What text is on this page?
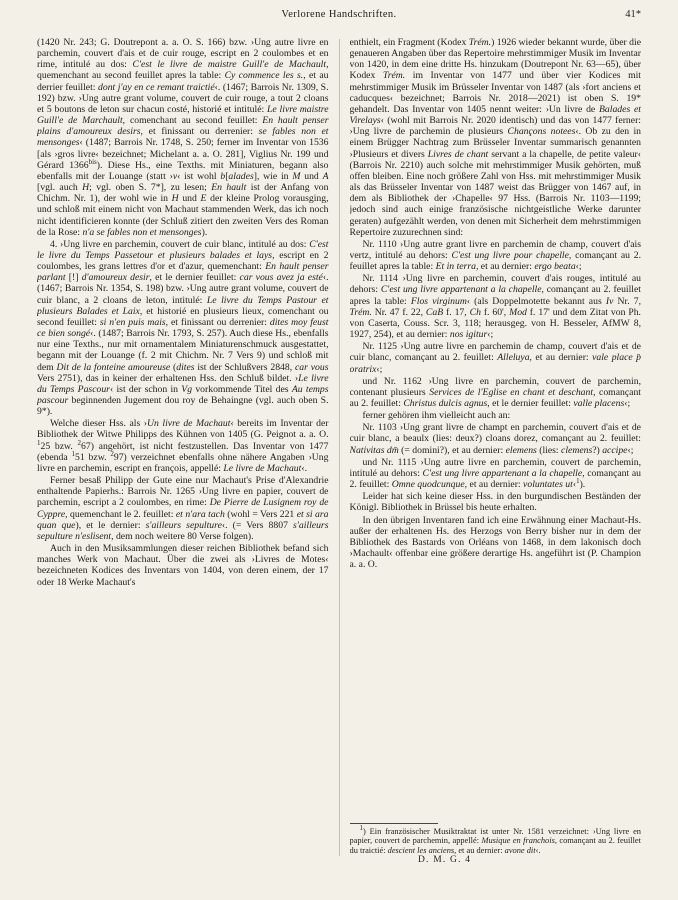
Verlorene Handschriften.	41*

(1420 Nr. 243; G. Doutrepont a. a. O. S. 166) bzw. ›Ung autre livre en parchemin, couvert d'ais et de cuir rouge, escript en 2 coulombes et en rime, intitulé au dos: C'est le livre de maistre Guill'e de Machault, quemenchant au second feuillet apres la table: Cy commence les s., et au derrier feuillet: dont j'ay en ce remant traictié‹. (1467; Barrois Nr. 1309, S. 192) bzw. ›Ung autre grant volume, couvert de cuir rouge, a tout 2 cloans et 5 boutons de leton sur chacun costé, historié et intitulé: Le livre maistre Guill'e de Marchault, comenchant au second feuillet: En hault penser plains d'amoureux desirs, et finissant ou derrenier: se fables non et mensonges‹ (1487; Barrois Nr. 1748, S. 250; ferner im Inventar von 1536 [als ›gros livre‹ bezeichnet; Michelant a. a. O. 281], Viglius Nr. 199 und Gérard $1366^{bis}$). Diese Hs., eine Texths. mit Miniaturen, begann also ebenfalls mit der Louange (statt ›v‹ ist wohl b[alades], wie in M und A [vgl. auch H; vgl. oben S. 7*], zu lesen; En hault ist der Anfang von Chichm. Nr. 1), der wohl wie in H und E der kleine Prolog vorausging, und schloß mit einem nicht von Machaut stammenden Werk, das ich noch nicht identificieren konnte (der Schluß zitiert den zweiten Vers des Roman de la Rose: n'a se fables non et mensonges).

4. ›Ung livre en parchemin, couvert de cuir blanc, intitulé au dos: C'est le livre du Temps Passetour et plusieurs balades et lays, escript en 2 coulombes, les grans lettres d'or et d'azur, quemenchant: En hault penser parlant [!] d'amoureux desir, et le dernier feuillet: car vous avez ja esté‹. (1467; Barrois Nr. 1354, S. 198) bzw. ›Ung autre grant volume, couvert de cuir blanc, a 2 cloans de leton, intitulé: Le livre du Temps Pastour et plusieurs Balades et Laix, et historié en plusieurs lieux, comenchant ou second feuillet: si n'en puis mais, et finissant ou derrenier: dites moy feust ce bien songé‹. (1487; Barrois Nr. 1793, S. 257). Auch diese Hs., ebenfalls nur eine Texths., nur mit ornamentalem Miniaturenschmuck ausgestattet, begann mit der Louange (f. 2 mit Chichm. Nr. 7 Vers 9) und schloß mit dem Dit de la fonteine amoureuse (dites ist der Schlußvers 2848, car vous Vers 2751), das in keiner der erhaltenen Hss. den Schluß bildet. ›Le livre du Temps Pascour‹ ist der schon in Vg vorkommende Titel des Au temps pascour beginnenden Jugement dou roy de Behaingne (vgl. auch oben S. 9*).

Welche dieser Hss. als ›Un livre de Machaut‹ bereits im Inventar der Bibliothek der Witwe Philipps des Kühnen von 1405 (G. Peignot a. a. O. $^1$25 bzw. $^2$67) angehört, ist nicht festzustellen. Das Inventar von 1477 (ebenda $^1$51 bzw. $^2$97) verzeichnet ebenfalls ohne nähere Angaben ›Ung livre en parchemin, escript en françois, appellé: Le livre de Machaut‹.

Ferner besaß Philipp der Gute eine nur Machaut's Prise d'Alexandrie enthaltende Papierhs.: Barrois Nr. 1265 ›Ung livre en papier, couvert de parchemin, escript a 2 coulombes, en rime: De Pierre de Lusignem roy de Cyppre, quemenchant le 2. feuillet: et n'ara tach (wohl = Vers 221 et si ara quan que), et le dernier: s'ailleurs sepulture‹. (= Vers 8807 s'ailleurs sepulture n'eslisent, dem noch weitere 80 Verse folgen).

Auch in den Musiksammlungen dieser reichen Bibliothek befand sich manches Werk von Machaut. Über die zwei als ›Livres de Motes‹ bezeichneten Kodices des Inventars von 1404, von deren einem, der 17 oder 18 Werke Machaut's

enthielt, ein Fragment (Kodex Trém.) 1926 wieder bekannt wurde, über die genaueren Angaben über das Repertoire mehrstimmiger Musik im Inventar von 1420, in dem eine dritte Hs. hinzukam (Doutrepont Nr. 63—65), über Kodex Trém. im Inventar von 1477 und über vier Kodices mit mehrstimmiger Musik im Brüsseler Inventar von 1487 (als ›fort anciens et caducques‹ bezeichnet; Barrois Nr. 2018—2021) ist oben S. 19* gehandelt. Das Inventar von 1405 nennt weiter: ›Un livre de Balades et Virelays‹ (wohl mit Barrois Nr. 2020 identisch) und das von 1477 ferner: ›Ung livre de parchemin de plusieurs Chançons notees‹. Ob zu den in einem Brügger Nachtrag zum Brüsseler Inventar summarisch genannten ›Plusieurs et divers Livres de chant servant a la chapelle, de petite valeur‹ (Barrois Nr. 2210) auch solche mit mehrstimmiger Musik gehörten, muß offen bleiben. Eine noch größere Zahl von Hss. mit mehrstimmiger Musik als das Brüsseler Inventar von 1487 weist das Brügger von 1467 auf, in dem als Bibliothek der ›Chapelle‹ 97 Hss. (Barrois Nr. 1103—1199; jedoch sind auch einige französische nichtgeistliche Werke darunter geraten) aufgezählt werden, von denen mit Sicherheit dem mehrstimmigen Repertoire zuzurechnen sind:

Nr. 1110 ›Ung autre grant livre en parchemin de champ, couvert d'ais vertz, intitulé au dehors: C'est ung livre pour chapelle, comançant au 2. feuillet apres la table: Et in terra, et au dernier: ergo beata‹;

Nr. 1114 ›Ung livre en parchemin, couvert d'ais rouges, intitulé au dehors: C'est ung livre appartenant a la chapelle, comançant au 2. feuillet apres la table: Flos virginum‹ (als Doppelmotette bekannt aus Iv Nr. 7, Trém. Nr. 47 f. 22, CaB f. 17, Ch f. 60', Mod f. 17' und dem Zitat von Ph. von Caserta, Couss. Scr. 3, 118; herausgeg. von H. Besseler, AfMW 8, 1927, 254), et au dernier: nos igitur‹;

Nr. 1125 ›Ung autre livre en parchemin de champ, couvert d'ais et de cuir blanc, comançant au 2. feuillet: Alleluya, et au dernier: vale place p̄ oratrix‹;

und Nr. 1162 ›Ung livre en parchemin, couvert de parchemin, contenant plusieurs Services de l'Eglise en chant et deschant, comançant au 2. feuillet: Christus dulcis agnus, et le dernier feuillet: valle placens‹;

ferner gehören ihm vielleicht auch an:

Nr. 1103 ›Ung grant livre de champt en parchemin, couvert d'ais et de cuir blanc, a beaulx (lies: deux?) cloans dorez, comançant au 2. feuillet: Nativitas dm̄ (= domini?), et au dernier: elemens (lies: clemens?) accipe‹;

und Nr. 1115 ›Ung autre livre en parchemin, couvert de parchemin, intitulé au dehors: C'est ung livre appartenant a la chapelle, comançant au 2. feuillet: Omne quodcunque, et au dernier: voluntates ut‹$^1$).

Leider hat sich keine dieser Hss. in den burgundischen Beständen der Königl. Bibliothek in Brüssel bis heute erhalten.

In den übrigen Inventaren fand ich eine Erwähnung einer Machaut-Hs. außer der erhaltenen Hs. des Herzogs von Berry bisher nur in dem der Bibliothek des Bastards von Orléans von 1468, in dem lakonisch doch ›Machault‹ offenbar eine größere derartige Hs. angeführt ist (P. Champion a. a. O.

$^1$) Ein französischer Musiktraktat ist unter Nr. 1581 verzeichnet: ›Ung livre en papier, couvert de parchemin, appellé: Musique en franchois, comançant au 2. feuillet du traictié: descient les anciens, et au dernier: avone dit‹.

D. M. G. 4
